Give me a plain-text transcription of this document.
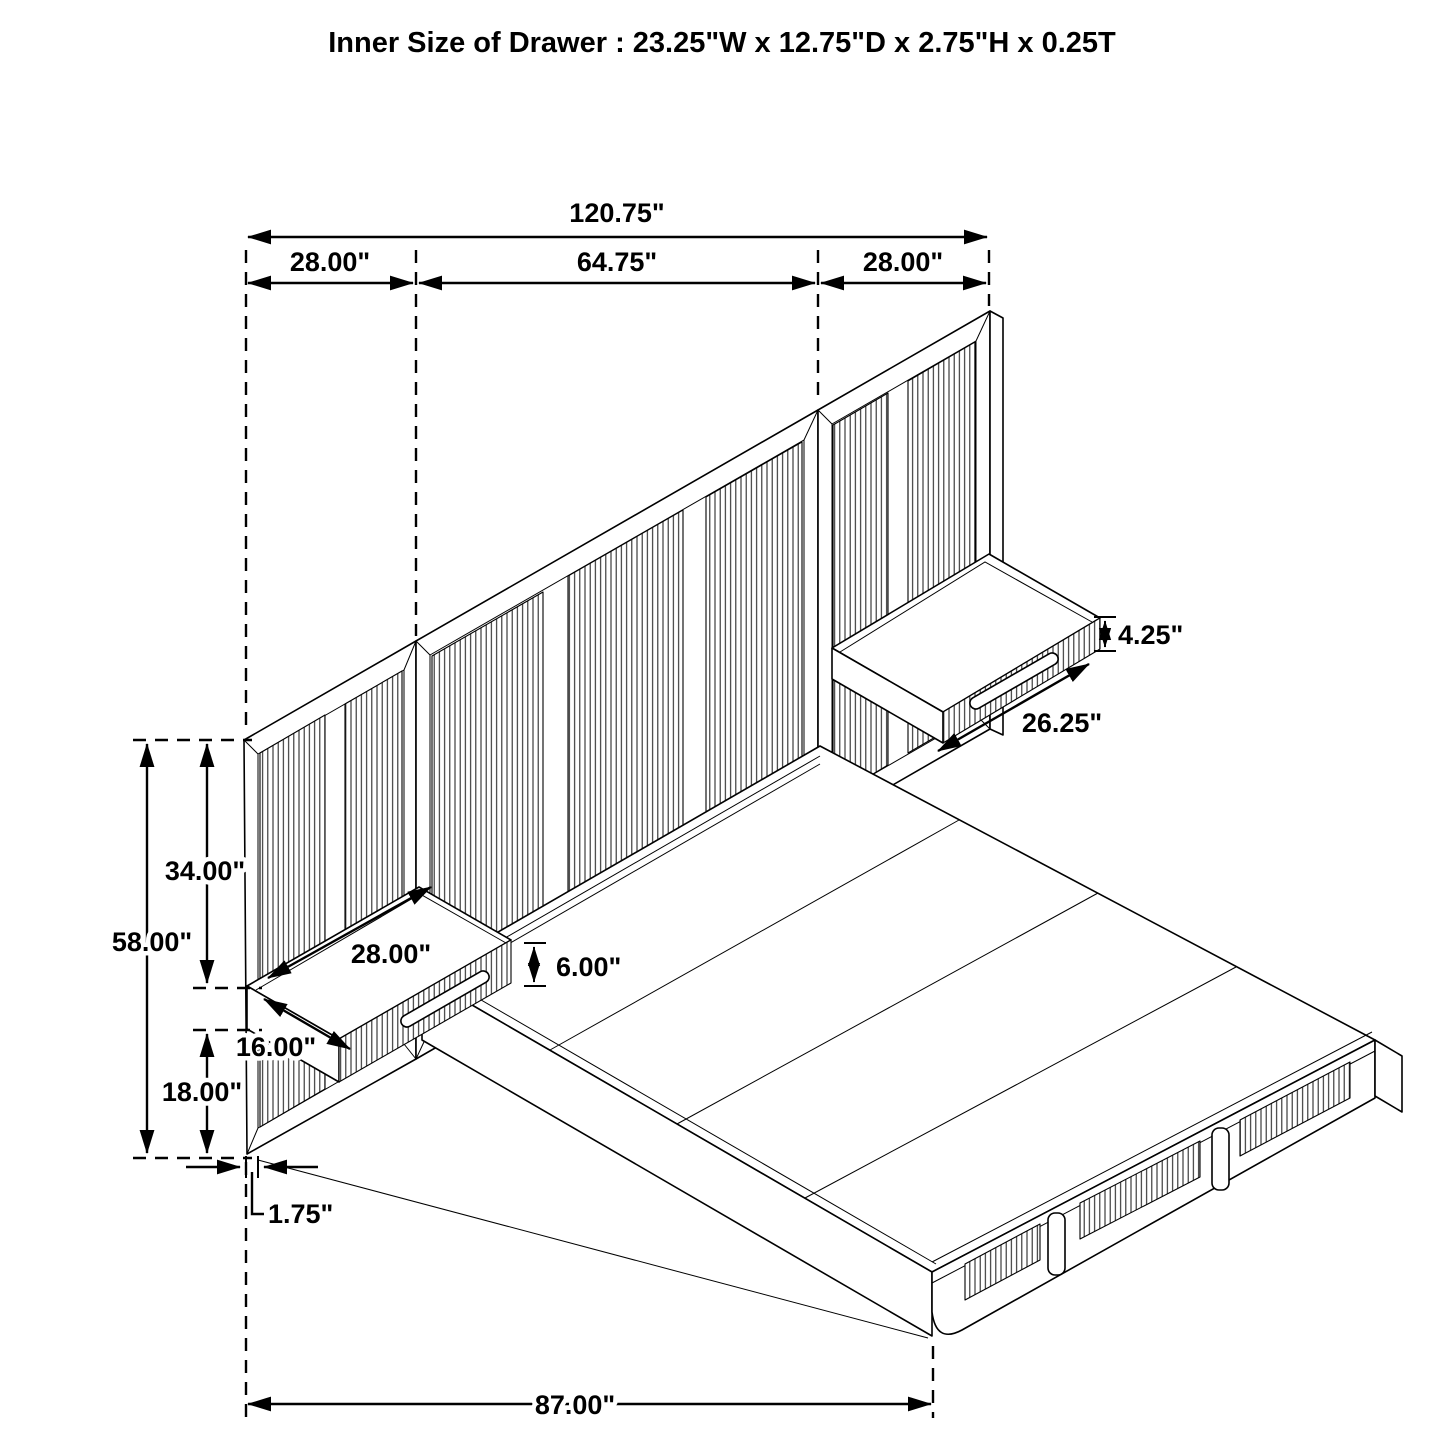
120.75"
28.00"	64.75"	28.00"
58.00"
34.00"
18.00"
1.75"
87.00"
4.25"
26.25"
28.00"	6.00"
16.00"
Inner Size of Drawer : 23.25"W x 12.75"D x 2.75"H x 0.25T
